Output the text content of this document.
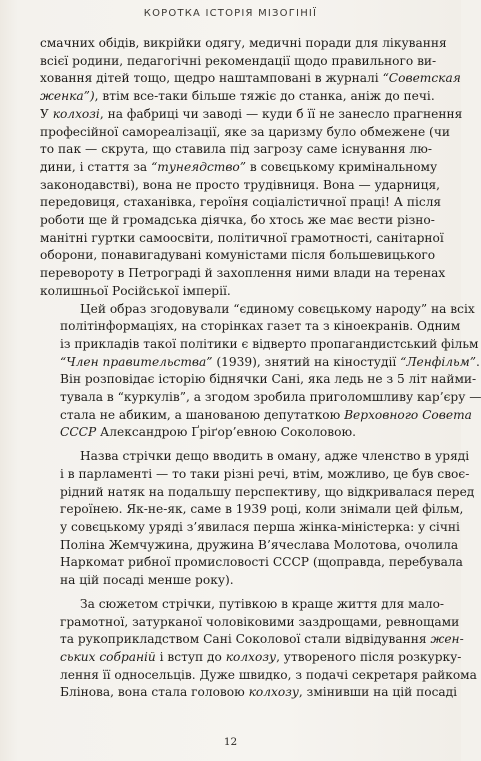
КОРОТКА ІСТОРІЯ МІЗОГІНІЇ

смачних обідів, викрійки одягу, медичні поради для лікування
всієї родини, педагогічні рекомендації щодо правильного ви-
ховання дітей тощо, щедро наштамповані в журналі “Советская
женка”), втім все-таки більше тяжіє до станка, аніж до печі.
У колхозі, на фабриці чи заводі — куди б її не занесло прагнення
професійної самореалізації, яке за царизму було обмежене (чи
то пак — скрута, що ставила під загрозу саме існування лю-
дини, і стаття за “тунеядство” в совєцькому кримінальному
законодавстві), вона не просто трудівниця. Вона — ударниця,
передовиця, стаханівка, героїня соціалістичної праці! А після
роботи ще й громадська діячка, бо хтось же має вести різно-
манітні гуртки самоосвіти, політичної грамотності, санітарної
оборони, понавигадувані комуністами після большевицького
перевороту в Петрограді й захоплення ними влади на теренах
колишньої Російської імперії.

Цей образ згодовували “єдиному совєцькому народу” на всіх
політінформаціях, на сторінках газет та з кіноекранів. Одним
із прикладів такої політики є відверто пропагандистський фільм
“Член правительства” (1939), знятий на кіностудії “Ленфільм”.
Він розповідає історію біднячки Сані, яка ледь не з 5 літ найми-
тувала в “куркулів”, а згодом зробила приголомшливу кар’єру —
стала не абиким, а шанованою депутаткою Верховного Совета
СССР Александрою Ґріґор’евною Соколовою.

Назва стрічки дещо вводить в оману, адже членство в уряді
і в парламенті — то таки різні речі, втім, можливо, це був своє-
рідний натяк на подальшу перспективу, що відкривалася перед
героїнею. Як-не-як, саме в 1939 році, коли знімали цей фільм,
у совєцькому уряді з’явилася перша жінка-міністерка: у січні
Поліна Жемчужина, дружина В’ячеслава Молотова, очолила
Наркомат рибної промисловості СССР (щоправда, перебувала
на цій посаді менше року).

За сюжетом стрічки, путівкою в краще життя для мало-
грамотної, затурканої чоловіковими заздрощами, ревнощами
та рукоприкладством Сані Соколової стали відвідування жен-
ських собраній і вступ до колхозу, утвореного після розкурку-
лення її односельців. Дуже швидко, з подачі секретаря райкома
Блінова, вона стала головою колхозу, змінивши на цій посаді

12
